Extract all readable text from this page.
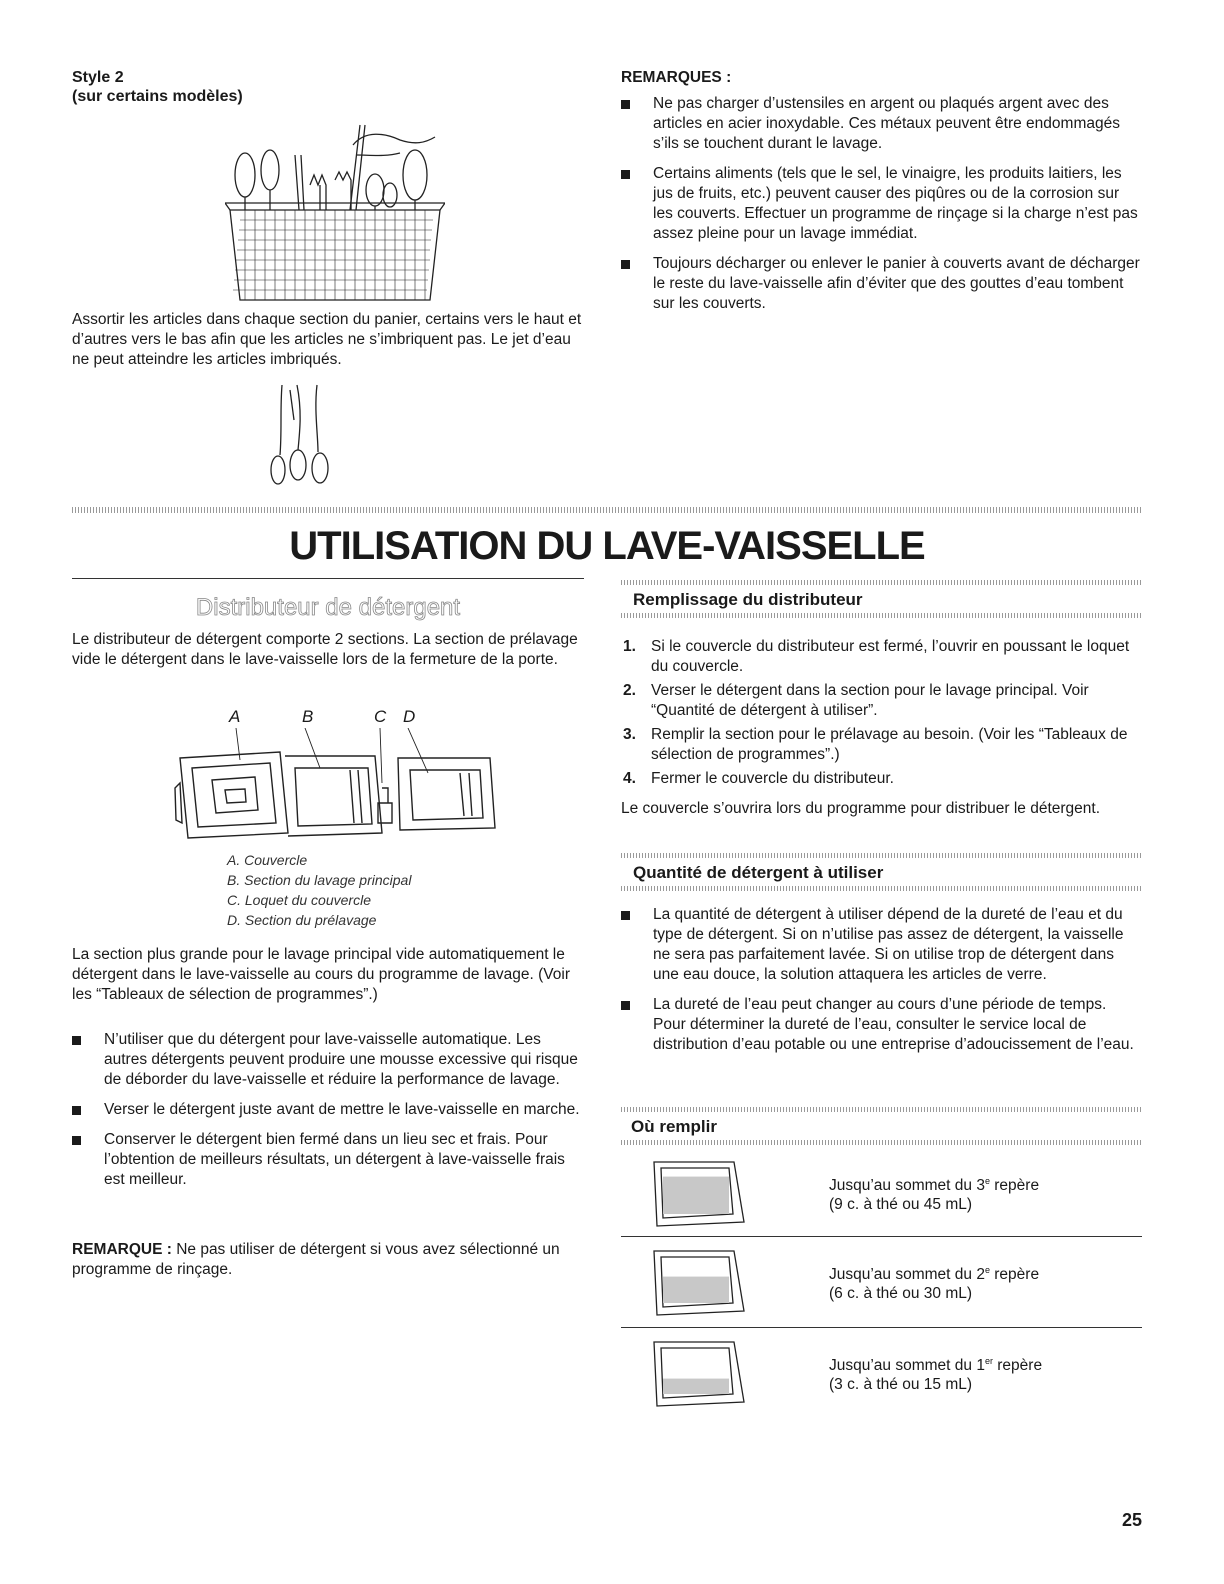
Style 2

(sur certains modèles)

Assortir les articles dans chaque section du panier, certains vers le haut et d’autres vers le bas afin que les articles ne s’imbriquent pas. Le jet d’eau ne peut atteindre les articles imbriqués.

REMARQUES :

Ne pas charger d’ustensiles en argent ou plaqués argent avec des articles en acier inoxydable. Ces métaux peuvent être endommagés s’ils se touchent durant le lavage.
Certains aliments (tels que le sel, le vinaigre, les produits laitiers, les jus de fruits, etc.) peuvent causer des piqûres ou de la corrosion sur les couverts. Effectuer un programme de rinçage si la charge n’est pas assez pleine pour un lavage immédiat.
Toujours décharger ou enlever le panier à couverts avant de décharger le reste du lave-vaisselle afin d’éviter que des gouttes d’eau tombent sur les couverts.
UTILISATION DU LAVE-VAISSELLE

Distributeur de détergent

Le distributeur de détergent comporte 2 sections. La section de prélavage vide le détergent dans le lave-vaisselle lors de la fermeture de la porte.

A	B	C D

A. Couvercle

B. Section du lavage principal

C. Loquet du couvercle

D. Section du prélavage

La section plus grande pour le lavage principal vide automatiquement le détergent dans le lave-vaisselle au cours du programme de lavage. (Voir les “Tableaux de sélection de programmes”.)

N’utiliser que du détergent pour lave-vaisselle automatique. Les autres détergents peuvent produire une mousse excessive qui risque de déborder du lave-vaisselle et réduire la performance de lavage.
Verser le détergent juste avant de mettre le lave-vaisselle en marche.
Conserver le détergent bien fermé dans un lieu sec et frais. Pour l’obtention de meilleurs résultats, un détergent à lave-vaisselle frais est meilleur.

REMARQUE : Ne pas utiliser de détergent si vous avez sélectionné un programme de rinçage.

Remplissage du distributeur

1. Si le couvercle du distributeur est fermé, l’ouvrir en poussant le loquet du couvercle.
2. Verser le détergent dans la section pour le lavage principal. Voir “Quantité de détergent à utiliser”.
3. Remplir la section pour le prélavage au besoin. (Voir les “Tableaux de sélection de programmes”.)
4. Fermer le couvercle du distributeur.

Le couvercle s’ouvrira lors du programme pour distribuer le détergent.

Quantité de détergent à utiliser

La quantité de détergent à utiliser dépend de la dureté de l’eau et du type de détergent. Si on n’utilise pas assez de détergent, la vaisselle ne sera pas parfaitement lavée. Si on utilise trop de détergent dans une eau douce, la solution attaquera les articles de verre.
La dureté de l’eau peut changer au cours d’une période de temps. Pour déterminer la dureté de l’eau, consulter le service local de distribution d’eau potable ou une entreprise d’adoucissement de l’eau.

Où remplir

Jusqu’au sommet du 3e repère
(9 c. à thé ou 45 mL)
Jusqu’au sommet du 2e repère
(6 c. à thé ou 30 mL)
Jusqu’au sommet du 1er repère
(3 c. à thé ou 15 mL)

25
